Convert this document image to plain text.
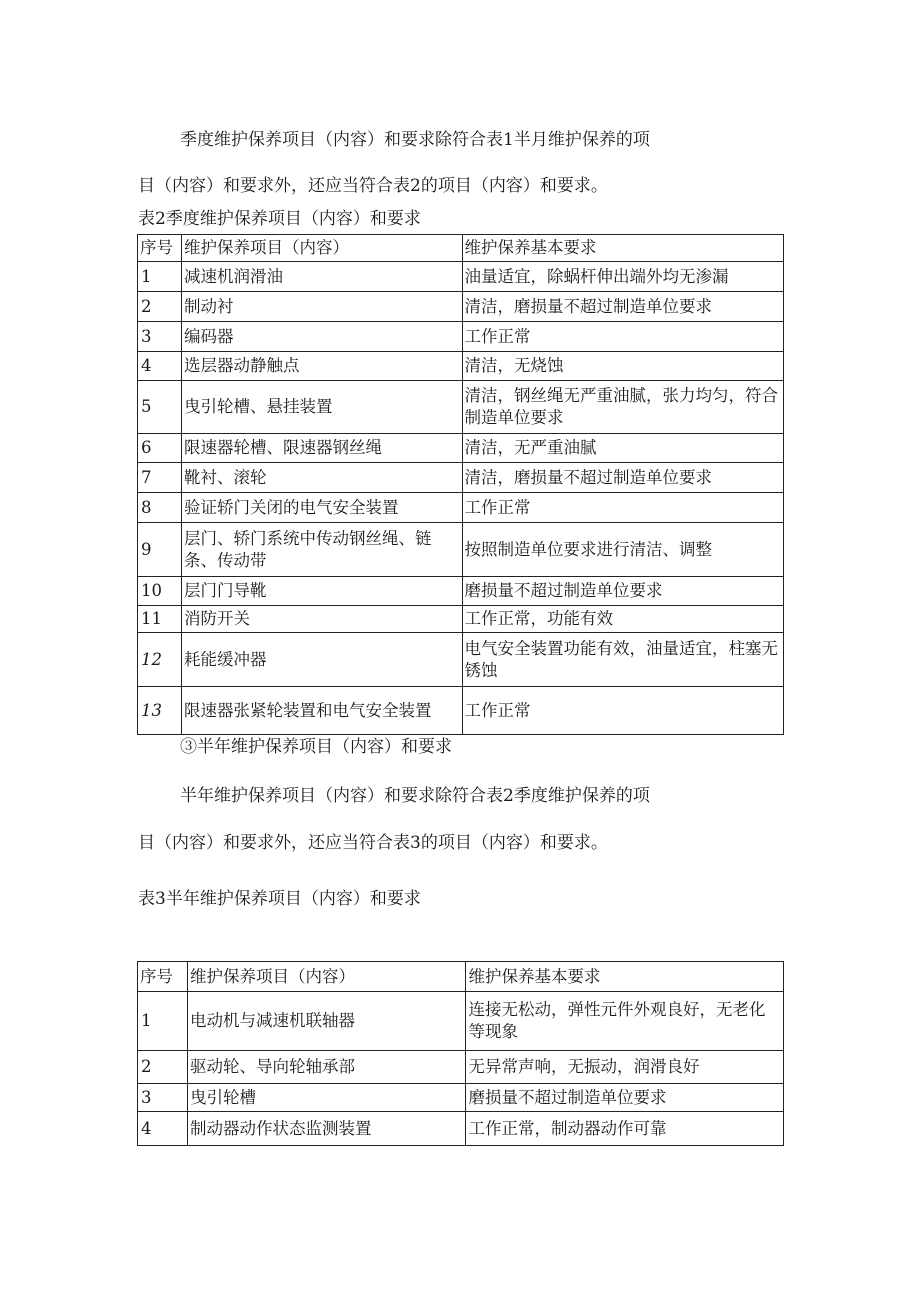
季度维护保养项目（内容）和要求除符合表1半月维护保养的项
目（内容）和要求外，还应当符合表2的项目（内容）和要求。
表2季度维护保养项目（内容）和要求
序号	维护保养项目（内容）	维护保养基本要求
1	减速机润滑油	油量适宜，除蜗杆伸出端外均无渗漏
2	制动衬	清洁，磨损量不超过制造单位要求
3	编码器	工作正常
4	选层器动静触点	清洁，无烧蚀
5	曳引轮槽、悬挂装置	清洁，钢丝绳无严重油腻，张力均匀，符合制造单位要求
6	限速器轮槽、限速器钢丝绳	清洁，无严重油腻
7	靴衬、滚轮	清洁，磨损量不超过制造单位要求
8	验证轿门关闭的电气安全装置	工作正常
9	层门、轿门系统中传动钢丝绳、链条、传动带	按照制造单位要求进行清洁、调整
10	层门门导靴	磨损量不超过制造单位要求
11	消防开关	工作正常，功能有效
12	耗能缓冲器	电气安全装置功能有效，油量适宜，柱塞无锈蚀
13	限速器张紧轮装置和电气安全装置	工作正常
③半年维护保养项目（内容）和要求
半年维护保养项目（内容）和要求除符合表2季度维护保养的项
目（内容）和要求外，还应当符合表3的项目（内容）和要求。
表3半年维护保养项目（内容）和要求
序号	维护保养项目（内容）	维护保养基本要求
1	电动机与减速机联轴器	连接无松动，弹性元件外观良好，无老化等现象
2	驱动轮、导向轮轴承部	无异常声响，无振动，润滑良好
3	曳引轮槽	磨损量不超过制造单位要求
4	制动器动作状态监测装置	工作正常，制动器动作可靠
